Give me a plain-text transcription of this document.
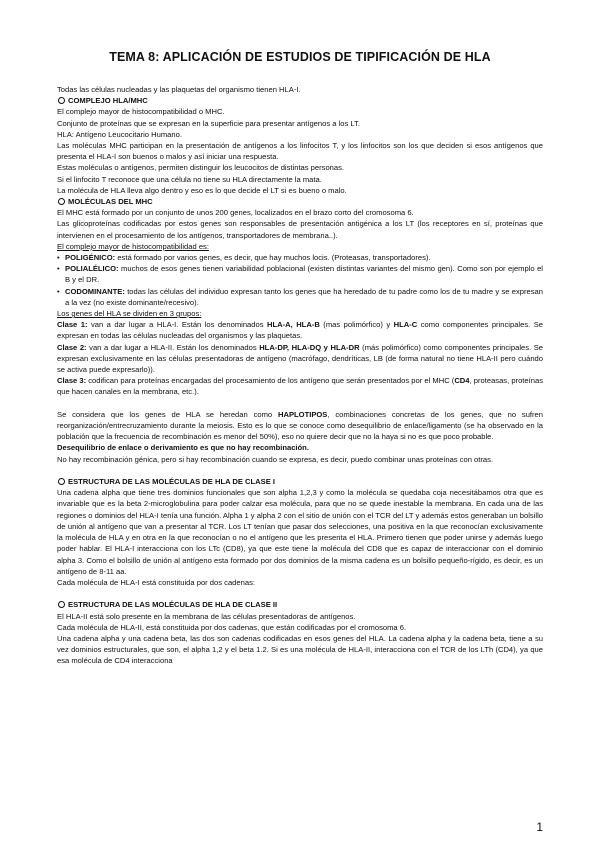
TEMA 8: APLICACIÓN DE ESTUDIOS DE TIPIFICACIÓN DE HLA

Todas las células nucleadas y las plaquetas del organismo tienen HLA-I.

COMPLEJO HLA/MHC

El complejo mayor de histocompatibilidad o MHC.

Conjunto de proteínas que se expresan en la superficie para presentar antígenos a los LT.

HLA: Antígeno Leucocitario Humano.

Las moléculas MHC participan en la presentación de antígenos a los linfocitos T, y los linfocitos son los que deciden si esos antígenos que presenta el HLA-I son buenos o malos y así iniciar una respuesta.

Estas moléculas o antígenos, permiten distinguir los leucocitos de distintas personas.

Si el linfocito T reconoce que una célula no tiene su HLA directamente la mata.

La molécula de HLA lleva algo dentro y eso es lo que decide el LT si es bueno o malo.

MOLÉCULAS DEL MHC

El MHC está formado por un conjunto de unos 200 genes, localizados en el brazo corto del cromosoma 6.

Las glicoproteínas codificadas por estos genes son responsables de presentación antigénica a los LT (los receptores en sí, proteínas que intervienen en el procesamiento de los antígenos, transportadores de membrana..).

El complejo mayor de histocompatibilidad es:

• POLIGÉNICO: está formado por varios genes, es decir, que hay muchos locis. (Proteasas, transportadores).
• POLIALÉLICO: muchos de esos genes tienen variabilidad poblacional (existen distintas variantes del mismo gen). Como son por ejemplo el B y el DR.
• CODOMINANTE: todas las células del individuo expresan tanto los genes que ha heredado de tu padre como los de tu madre y se expresan a la vez (no existe dominante/recesivo).

Los genes del HLA se dividen en 3 grupos:

Clase 1: van a dar lugar a HLA-I. Están los denominados HLA-A, HLA-B (mas polimórfico) y HLA-C como componentes principales. Se expresan en todas las células nucleadas del organismos y las plaquetas.

Clase 2: van a dar lugar a HLA-II. Están los denominados HLA-DP, HLA-DQ y HLA-DR (más polimórfico) como componentes principales. Se expresan exclusivamente en las células presentadoras de antígeno (macrófago, dendríticas, LB (de forma natural no tiene HLA-II pero cuándo se activa puede expresarlo)).

Clase 3: codifican para proteínas encargadas del procesamiento de los antígeno que serán presentados por el MHC (CD4, proteasas, proteínas que hacen canales en la membrana, etc.).

Se considera que los genes de HLA se heredan como HAPLOTIPOS, combinaciones concretas de los genes, que no sufren reorganización/entrecruzamiento durante la meiosis. Esto es lo que se conoce como desequilibrio de enlace/ligamento (se ha observado en la población que la frecuencia de recombinación es menor del 50%), eso no quiere decir que no la haya si no es que poco probable.

Desequilibrio de enlace o derivamiento es que no hay recombinación.

No hay recombinación génica, pero si hay recombinación cuando se expresa, es decir, puedo combinar unas proteínas con otras.

ESTRUCTURA DE LAS MOLÉCULAS DE HLA DE CLASE I

Una cadena alpha que tiene tres dominios funcionales que son alpha 1,2,3 y como la molécula se quedaba coja necesitábamos otra que es invariable que es la beta 2-microglobulina para poder calzar esa molécula, para que no se quede inestable la membrana. En cada una de las regiones o dominios del HLA-I tenía una función. Alpha 1 y alpha 2 con el sitio de unión con el TCR del LT y además estos generaban un bolsillo de unión al antígeno que van a presentar al TCR. Los LT tenían que pasar dos selecciones, una positiva en la que reconocían exclusivamente la molécula de HLA y en otra en la que reconocían o no el antígeno que les presenta el HLA. Primero tienen que poder unirse y además luego poder hablar. El HLA-I interacciona con los LTc (CD8), ya que este tiene la molécula del CD8 que es capaz de interaccionar con el dominio alpha 3. Como el bolsillo de unión al antígeno esta formado por dos dominios de la misma cadena es un bolsillo pequeño-rígido, es decir, es un antígeno de 8-11 aa.

Cada molécula de HLA-I está constituida por dos cadenas:

ESTRUCTURA DE LAS MOLÉCULAS DE HLA DE CLASE II

El HLA-II está solo presente en la membrana de las células presentadoras de antígenos.

Cada molécula de HLA-II, está constituida por dos cadenas, que están codificadas por el cromosoma 6.

Una cadena alpha y una cadena beta, las dos son cadenas codificadas en esos genes del HLA. La cadena alpha y la cadena beta, tiene a su vez dominios estructurales, que son, el alpha 1,2 y el beta 1.2. Si es una molécula de HLA-II, interacciona con el TCR de los LTh (CD4), ya que esa molécula de CD4 interacciona

1
